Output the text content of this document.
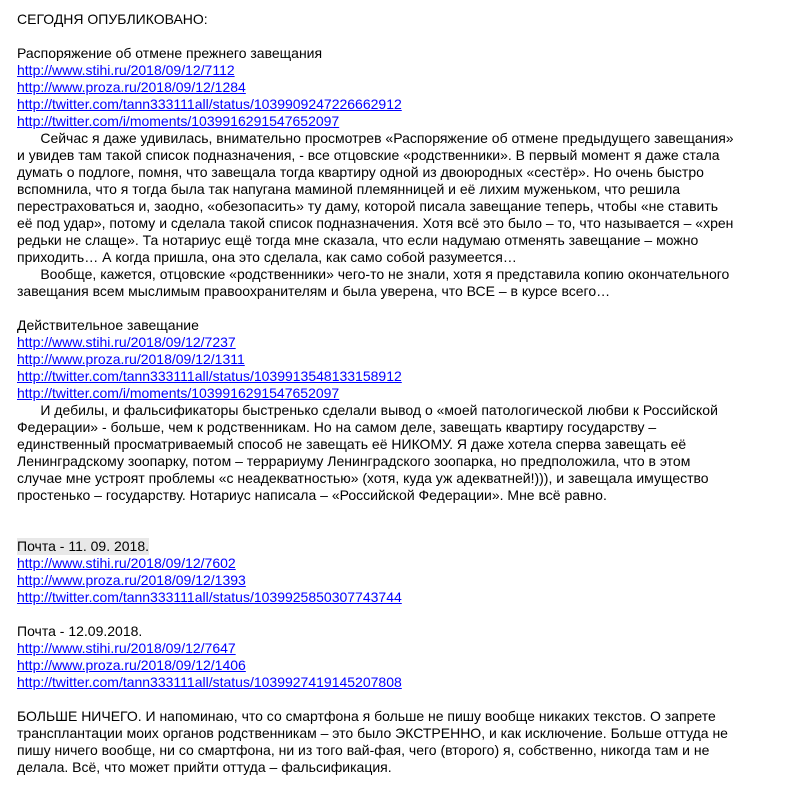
СЕГОДНЯ ОПУБЛИКОВАНО:
Распоряжение об отмене прежнего завещания
http://www.stihi.ru/2018/09/12/7112
http://www.proza.ru/2018/09/12/1284
http://twitter.com/tann333111all/status/1039909247226662912
http://twitter.com/i/moments/1039916291547652097
Сейчас я даже удивилась, внимательно просмотрев «Распоряжение об отмене предыдущего завещания»
и увидев там такой список подназначения, - все отцовские «родственники». В первый момент я даже стала
думать о подлоге, помня, что завещала тогда квартиру одной из двоюродных «сестёр». Но очень быстро
вспомнила, что я тогда была так напугана маминой племянницей и её лихим муженьком, что решила
перестраховаться и, заодно, «обезопасить» ту даму, которой писала завещание теперь, чтобы «не ставить
её под удар», потому и сделала такой список подназначения. Хотя всё это было – то, что называется – «хрен
редьки не слаще». Та нотариус ещё тогда мне сказала, что если надумаю отменять завещание – можно
приходить… А когда пришла, она это сделала, как само собой разумеется…
Вообще, кажется, отцовские «родственники» чего-то не знали, хотя я представила копию окончательного
завещания всем мыслимым правоохранителям и была уверена, что ВСЕ – в курсе всего…
Действительное завещание
http://www.stihi.ru/2018/09/12/7237
http://www.proza.ru/2018/09/12/1311
http://twitter.com/tann333111all/status/1039913548133158912
http://twitter.com/i/moments/1039916291547652097
И дебилы, и фальсификаторы быстренько сделали вывод о «моей патологической любви к Российской
Федерации» - больше, чем к родственникам. Но на самом деле, завещать квартиру государству –
единственный просматриваемый способ не завещать её НИКОМУ. Я даже хотела сперва завещать её
Ленинградскому зоопарку, потом – террариуму Ленинградского зоопарка, но предположила, что в этом
случае мне устроят проблемы «с неадекватностью» (хотя, куда уж адекватней!))), и завещала имущество
простенько – государству. Нотариус написала – «Российской Федерации». Мне всё равно.
Почта - 11. 09. 2018.
http://www.stihi.ru/2018/09/12/7602
http://www.proza.ru/2018/09/12/1393
http://twitter.com/tann333111all/status/1039925850307743744
Почта - 12.09.2018.
http://www.stihi.ru/2018/09/12/7647
http://www.proza.ru/2018/09/12/1406
http://twitter.com/tann333111all/status/1039927419145207808
БОЛЬШЕ НИЧЕГО. И напоминаю, что со смартфона я больше не пишу вообще никаких текстов. О запрете
трансплантации моих органов родственникам – это было ЭКСТРЕННО, и как исключение. Больше оттуда не
пишу ничего вообще, ни со смартфона, ни из того вай-фая, чего (второго) я, собственно, никогда там и не
делала. Всё, что может прийти оттуда – фальсификация.
